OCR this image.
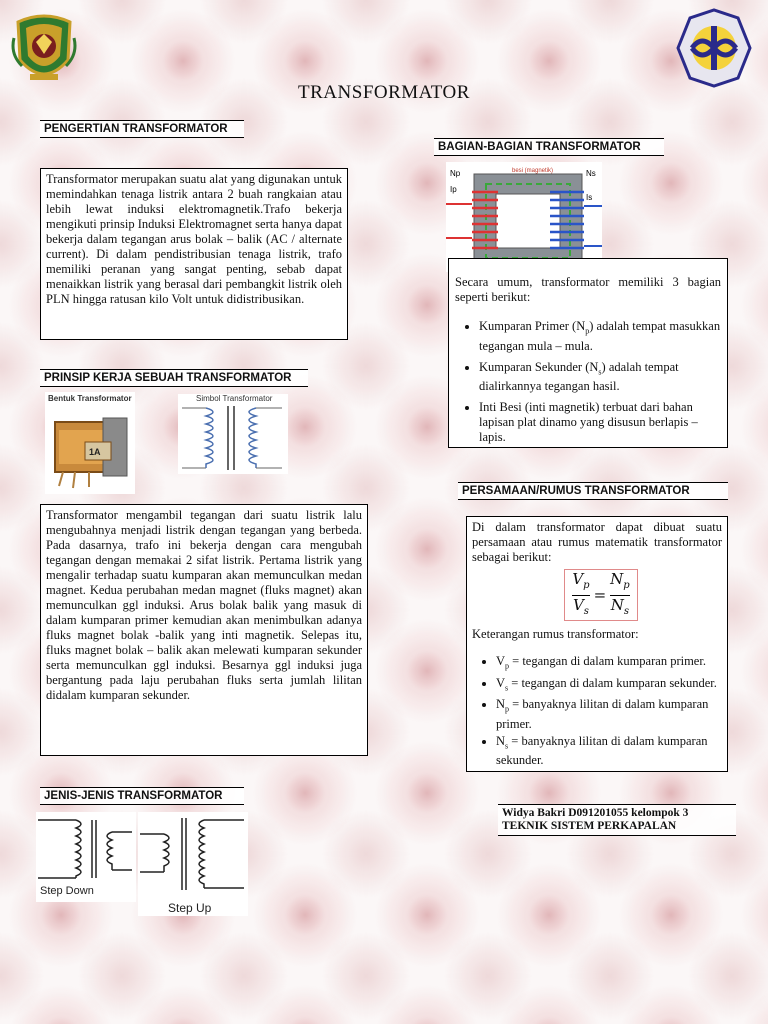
TRANSFORMATOR
PENGERTIAN TRANSFORMATOR
Transformator merupakan suatu alat yang digunakan untuk memindahkan tenaga listrik antara 2 buah rangkaian atau lebih lewat induksi elektromagnetik.Trafo bekerja mengikuti prinsip Induksi Elektromagnet serta hanya dapat bekerja dalam tegangan arus bolak – balik (AC / alternate current). Di dalam pendistribusian tenaga listrik, trafo memiliki peranan yang sangat penting, sebab dapat menaikkan listrik yang berasal dari pembangkit listrik oleh PLN hingga ratusan kilo Volt untuk didistribusikan.
PRINSIP KERJA SEBUAH TRANSFORMATOR
Bentuk Transformator
1A
Simbol Transformator
Transformator mengambil tegangan dari suatu listrik lalu mengubahnya menjadi listrik dengan tegangan yang berbeda. Pada dasarnya, trafo ini bekerja dengan cara mengubah tegangan dengan memakai 2 sifat listrik. Pertama listrik yang mengalir terhadap suatu kumparan akan memunculkan medan magnet. Kedua perubahan medan magnet (fluks magnet) akan memunculkan ggl induksi. Arus bolak balik yang masuk di dalam kumparan primer kemudian akan menimbulkan adanya fluks magnet bolak -balik yang inti magnetik. Selepas itu, fluks magnet bolak – balik akan melewati kumparan sekunder serta memunculkan ggl induksi. Besarnya ggl induksi juga bergantung pada laju perubahan fluks serta jumlah lilitan didalam kumparan sekunder.
JENIS-JENIS TRANSFORMATOR
Step Down
Step Up
BAGIAN-BAGIAN TRANSFORMATOR
besi (magnetik)
Np
Ip
Ns
Is
Secara umum, transformator memiliki 3 bagian seperti berikut:
• Kumparan Primer $(N_p)$ adalah tempat masukkan tegangan mula – mula.
• Kumparan Sekunder $(N_s)$ adalah tempat dialirkannya tegangan hasil.
• Inti Besi (inti magnetik) terbuat dari bahan lapisan plat dinamo yang disusun berlapis – lapis.
PERSAMAAN/RUMUS TRANSFORMATOR
Di dalam transformator dapat dibuat suatu persamaan atau rumus matematik transformator sebagai berikut:
$\frac{V_p}{V_s} = \frac{N_p}{N_s}$
Keterangan rumus transformator:
• $V_p$ = tegangan di dalam kumparan primer.
• $V_s$ = tegangan di dalam kumparan sekunder.
• $N_p$ = banyaknya lilitan di dalam kumparan primer.
• $N_s$ = banyaknya lilitan di dalam kumparan sekunder.
Widya Bakri D091201055 kelompok 3
TEKNIK SISTEM PERKAPALAN
